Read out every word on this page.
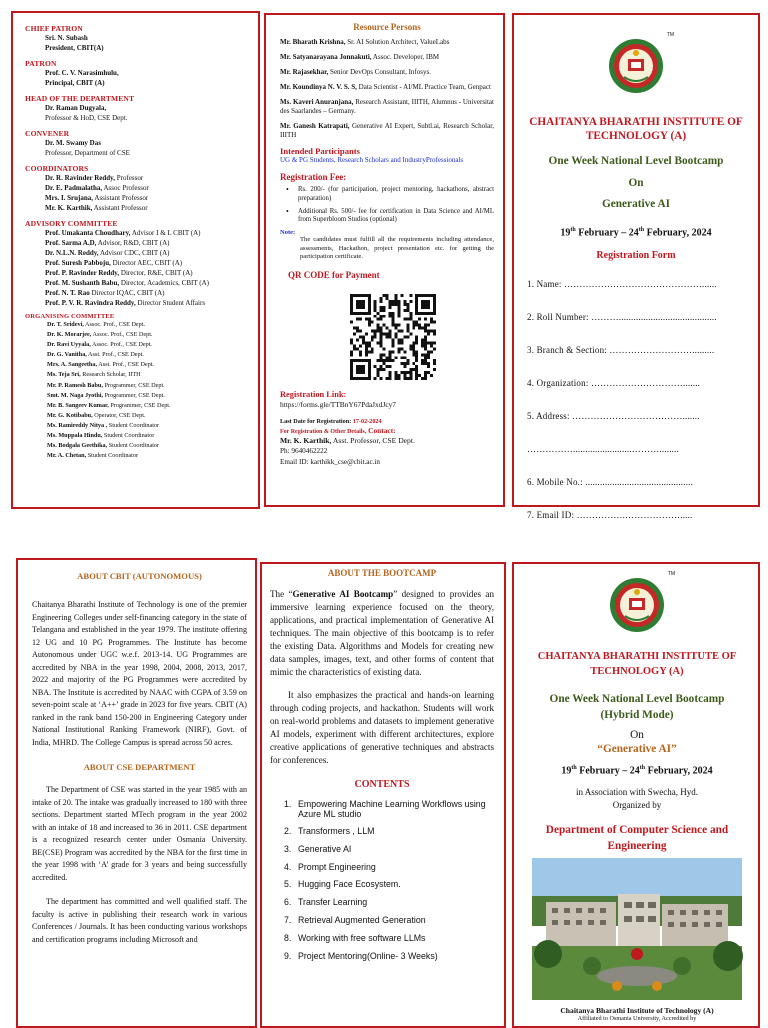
CHIEF PATRON
Sri. N. Subash
President, CBIT(A)
PATRON
Prof. C. V. Narasimhulu,
Principal, CBIT (A)
HEAD OF THE DEPARTMENT
Dr. Raman Dugyala,
Professor & HoD, CSE Dept.
CONVENER
Dr. M. Swamy Das
Professor, Department of CSE
COORDINATORS
Dr. R. Ravinder Reddy, Professor
Dr. E. Padmalatha, Assoc Professor
Mrs. I. Srujana, Assistant Professor
Mr. K. Karthik, Assistant Professor
ADVISORY COMMITTEE
Prof. Umakanta Choudhary, Advisor I & L CBIT (A)
Prof. Sarma A.D, Advisor, R&D, CBIT (A)
Dr. N.L.N. Reddy, Advisor CDC, CBIT (A)
Prof. Suresh Pabboju, Director AEC, CBIT (A)
Prof. P. Ravinder Reddy, Director, R&E, CBIT (A)
Prof. M. Sushanth Babu, Director, Academics, CBIT (A)
Prof. N. T. Rao Director IQAC, CBIT (A)
Prof. P. V. R. Ravindra Reddy, Director Student Affairs
ORGANISING COMMITTEE
Dr. T. Sridevi, Assoc. Prof., CSE Dept.
Dr. K. Morarjee, Assoc. Prof., CSE Dept.
Dr. Ravi Uyyala, Assoc. Prof., CSE Dept.
Dr. G. Vanitha, Asst. Prof., CSE Dept.
Mrs. A. Sangeetha, Asst. Prof., CSE Dept.
Ms. Teja Sri, Research Scholar, IITH
Mr. P. Ramesh Babu, Programmer, CSE Dept.
Smt. M. Naga Jyothi, Programmer, CSE Dept.
Mr. B. Sangeev Kumar, Programmer, CSE Dept.
Mr. G. Kotibabu, Operator, CSE Dept.
Ms. Ramireddy Nitya , Student Coordinator
Ms. Muppala Hindu, Student Coordinator
Ms. Bodgala Geethika, Student Coordinator
Mr. A. Chetan, Student Coordinator
Resource Persons
Mr. Bharath Krishna, Sr. AI Solution Architect, ValueLabs
Mr. Satyanarayana Jonnakuti, Assoc. Developer, IBM
Mr. Rajasekhar, Senior DevOps Consultant, Infosys.
Mr. Koundinya N. V. S. S, Data Scientist - AI/ML Practice Team, Genpact
Ms. Kaveri Anuranjana, Research Assistant, IIITH, Alumnus - Universitat des Saarlandes – Germany.
Mr. Ganesh Katrapati, Generative AI Expert, Subtl.ai, Research Scholar, IIITH
Intended Participants
UG & PG Students, Research Scholars and IndustryProfessionals
Registration Fee:
• Rs. 200/- (for participation, project mentoring, hackathons, abstract preparation)
• Additional Rs. 500/- fee for certification in Data Science and AI/ML from Superbloom Studios (optional)
Note:
The candidates must fulfill all the requirements including attendance, assessments, Hackathon, project presentation etc. for getting the participation certificate.
QR CODE for Payment
Registration Link:
https://forms.gle/TTBnY67PdaJxdJcy7
Last Date for Registration: 17-02-2024
For Registration & Other Details, Contact:
Mr. K. Karthik, Asst. Professor, CSE Dept.
Ph: 9640462222
Email ID: karthikk_cse@cbit.ac.in
TM
CHAITANYA BHARATHI INSTITUTE OF TECHNOLOGY (A)
One Week National Level Bootcamp
On
Generative AI
19th February – 24th February, 2024
Registration Form
1. Name: ………………………………………......
2. Roll Number: ………........................................
3. Branch & Section: ……………………….........
4. Organization: ………………………….......
5. Address: ……………………………….......
……………........................………........
6. Mobile No.: ............................................
7. Email ID: …………….……………….....
ABOUT CBIT (AUTONOMOUS)
Chaitanya Bharathi Institute of Technology is one of the premier Engineering Colleges under self-financing category in the state of Telangana and established in the year 1979. The institute offering 12 UG and 10 PG Programmes. The Institute has become Autonomous under UGC w.e.f. 2013-14. UG Programmes are accredited by NBA in the year 1998, 2004, 2008, 2013, 2017, 2022 and majority of the PG Programmes were accredited by NBA. The Institute is accredited by NAAC with CGPA of 3.59 on seven-point scale at ‘A++’ grade in 2023 for five years. CBIT (A) ranked in the rank band 150-200 in Engineering Category under National Institutional Ranking Framework (NIRF), Govt. of India, MHRD. The College Campus is spread across 50 acres.
ABOUT CSE DEPARTMENT
The Department of CSE was started in the year 1985 with an intake of 20. The intake was gradually increased to 180 with three sections. Department started MTech program in the year 2002 with an intake of 18 and increased to 36 in 2011. CSE department is a recognized research center under Osmania University. BE(CSE) Program was accredited by the NBA for the first time in the year 1998 with ‘A’ grade for 3 years and being successfully accredited.
The department has committed and well qualified staff. The faculty is active in publishing their research work in various Conferences / Journals. It has been conducting various workshops and certification programs including Microsoft and
ABOUT THE BOOTCAMP
The “Generative AI Bootcamp” designed to provides an immersive learning experience focused on the theory, applications, and practical implementation of Generative AI techniques. The main objective of this bootcamp is to refer the existing Data. Algorithms and Models for creating new data samples, images, text, and other forms of content that mimic the characteristics of existing data.
It also emphasizes the practical and hands-on learning through coding projects, and hackathon. Students will work on real-world problems and datasets to implement generative AI models, experiment with different architectures, explore creative applications of generative techniques and abstracts for conferences.
CONTENTS
1. Empowering Machine Learning Workflows using Azure ML studio
2. Transformers , LLM
3. Generative AI
4. Prompt Engineering
5. Hugging Face Ecosystem.
6. Transfer Learning
7. Retrieval Augmented Generation
8. Working with free software LLMs
9. Project Mentoring(Online- 3 Weeks)
TM
CHAITANYA BHARATHI INSTITUTE OF TECHNOLOGY (A)
One Week National Level Bootcamp
(Hybrid Mode)
On
“Generative AI”
19th February – 24th February, 2024
in Association with Swecha, Hyd.
Organized by
Department of Computer Science and Engineering
Chaitanya Bharathi Institute of Technology (A)
Affiliated to Osmania University, Accredited by
